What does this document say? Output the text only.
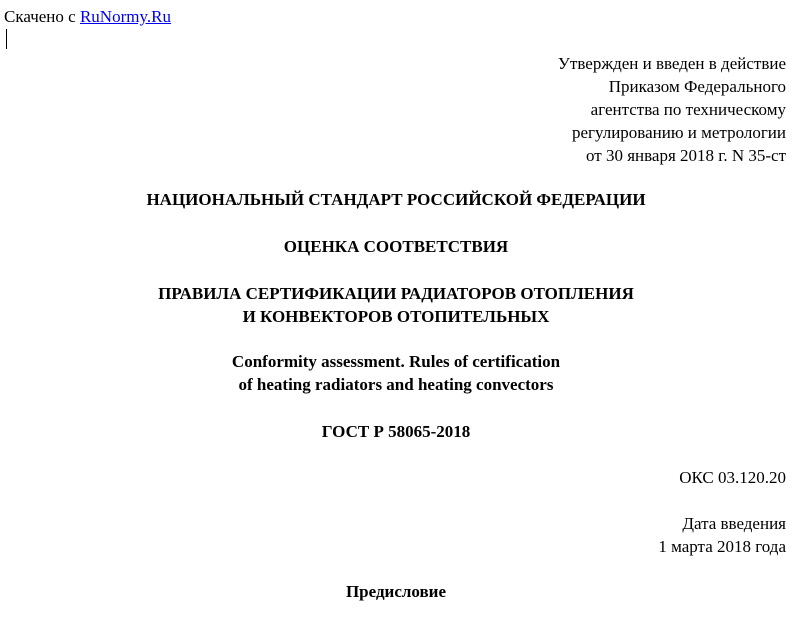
Скачено с RuNormy.Ru
Утвержден и введен в действие
Приказом Федерального
агентства по техническому
регулированию и метрологии
от 30 января 2018 г. N 35-ст
НАЦИОНАЛЬНЫЙ СТАНДАРТ РОССИЙСКОЙ ФЕДЕРАЦИИ
ОЦЕНКА СООТВЕТСТВИЯ
ПРАВИЛА СЕРТИФИКАЦИИ РАДИАТОРОВ ОТОПЛЕНИЯ
И КОНВЕКТОРОВ ОТОПИТЕЛЬНЫХ
Conformity assessment. Rules of certification
of heating radiators and heating convectors
ГОСТ Р 58065-2018
ОКС 03.120.20
Дата введения
1 марта 2018 года
Предисловие
